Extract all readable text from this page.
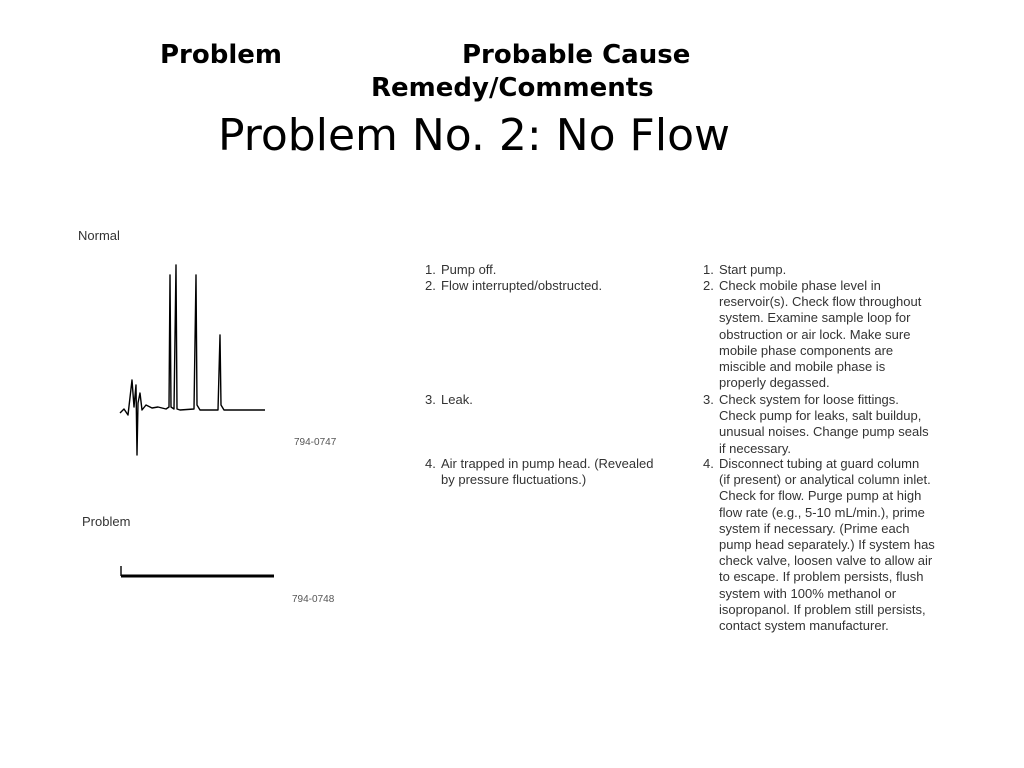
Problem	Probable Cause
Remedy/Comments
Problem No. 2: No Flow
Normal
794-0747
Problem
794-0748
1. Pump off.
2. Flow interrupted/obstructed.
3. Leak.
4. Air trapped in pump head. (Revealed
by pressure fluctuations.)
1. Start pump.
2. Check mobile phase level in
reservoir(s). Check flow throughout
system. Examine sample loop for
obstruction or air lock. Make sure
mobile phase components are
miscible and mobile phase is
properly degassed.
3. Check system for loose fittings.
Check pump for leaks, salt buildup,
unusual noises. Change pump seals
if necessary.
4. Disconnect tubing at guard column
(if present) or analytical column inlet.
Check for flow. Purge pump at high
flow rate (e.g., 5-10 mL/min.), prime
system if necessary. (Prime each
pump head separately.) If system has
check valve, loosen valve to allow air
to escape. If problem persists, flush
system with 100% methanol or
isopropanol. If problem still persists,
contact system manufacturer.
